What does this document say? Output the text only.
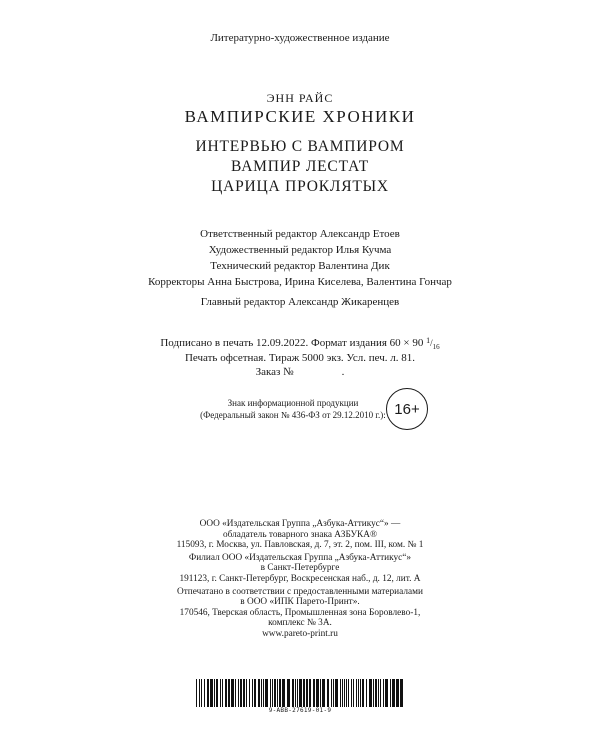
Литературно-художественное издание
ЭНН РАЙС
ВАМПИРСКИЕ ХРОНИКИ
ИНТЕРВЬЮ С ВАМПИРОМ
ВАМПИР ЛЕСТАТ
ЦАРИЦА ПРОКЛЯТЫХ
Ответственный редактор Александр Етоев
Художественный редактор Илья Кучма
Технический редактор Валентина Дик
Корректоры Анна Быстрова, Ирина Киселева, Валентина Гончар
Главный редактор Александр Жикаренцев
Подписано в печать 12.09.2022. Формат издания 60 × 90 $^1/_{16}$
Печать офсетная. Тираж 5000 экз. Усл. печ. л. 81.
Заказ №	.
Знак информационной продукции
(Федеральный закон № 436-ФЗ от 29.12.2010 г.): 16+
ООО «Издательская Группа „Азбука-Аттикус“» —
обладатель товарного знака АЗБУКА®
115093, г. Москва, ул. Павловская, д. 7, эт. 2, пом. III, ком. № 1
Филиал ООО «Издательская Группа „Азбука-Аттикус“»
в Санкт-Петербурге
191123, г. Санкт-Петербург, Воскресенская наб., д. 12, лит. А
Отпечатано в соответствии с предоставленными материалами
в ООО «ИПК Парето-Принт».
170546, Тверская область, Промышленная зона Боровлево-1,
комплекс № 3А.
www.pareto-print.ru
9-ABB-27619-01-9
